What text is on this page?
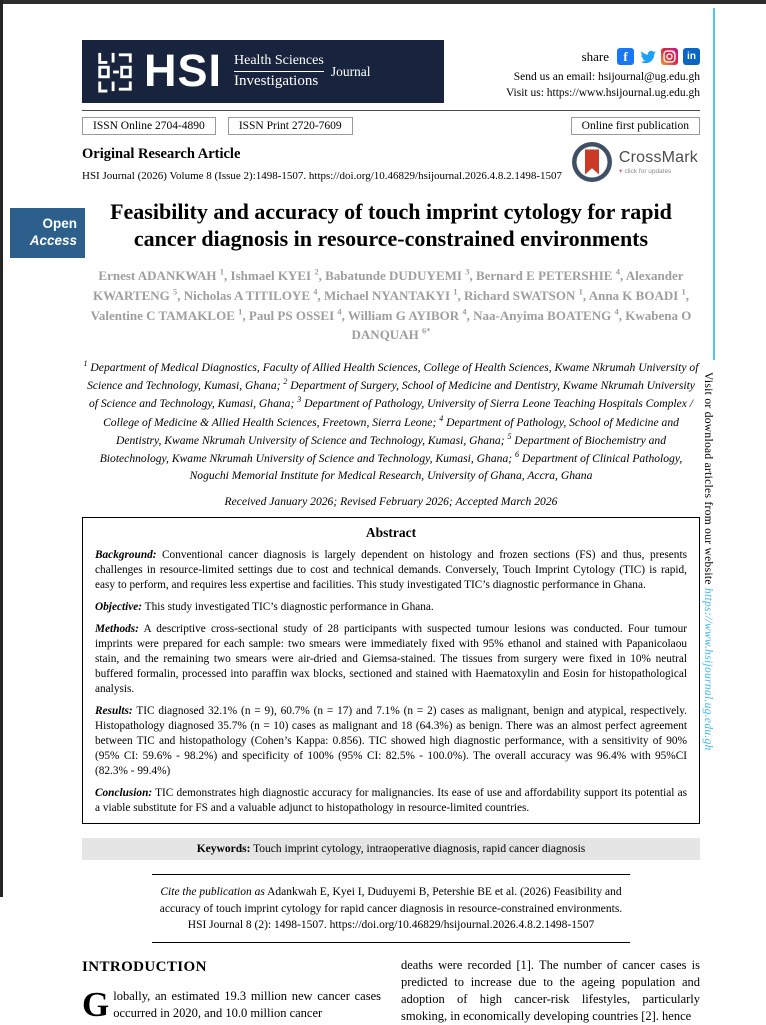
Visit or download articles from our website https://www.hsijournal.ug.edu.gh
HSI Health Sciences
Investigations
Journal
share	f	in
Send us an email: hsijournal@ug.edu.gh
Visit us: https://www.hsijournal.ug.edu.gh
ISSN Online 2704-4890	ISSN Print 2720-7609	Online first publication
Original Research Article
HSI Journal (2026) Volume 8 (Issue 2):1498-1507. https://doi.org/10.46829/hsijournal.2026.4.8.2.1498-1507
CrossMark
+ click for updates
Open
Access
Feasibility and accuracy of touch imprint cytology for rapid cancer diagnosis in resource-constrained environments
Ernest ADANKWAH $^1$, Ishmael KYEI $^2$, Babatunde DUDUYEMI $^3$, Bernard E PETERSHIE $^4$, Alexander KWARTENG $^5$, Nicholas A TITILOYE $^4$, Michael NYANTAKYI $^1$, Richard SWATSON $^1$, Anna K BOADI $^1$, Valentine C TAMAKLOE $^1$, Paul PS OSSEI $^4$, William G AYIBOR $^4$, Naa-Anyima BOATENG $^4$, Kwabena O DANQUAH $^{6*}$
$^1$ Department of Medical Diagnostics, Faculty of Allied Health Sciences, College of Health Sciences, Kwame Nkrumah University of Science and Technology, Kumasi, Ghana; $^2$ Department of Surgery, School of Medicine and Dentistry, Kwame Nkrumah University of Science and Technology, Kumasi, Ghana; $^3$ Department of Pathology, University of Sierra Leone Teaching Hospitals Complex / College of Medicine & Allied Health Sciences, Freetown, Sierra Leone; $^4$ Department of Pathology, School of Medicine and Dentistry, Kwame Nkrumah University of Science and Technology, Kumasi, Ghana; $^5$ Department of Biochemistry and Biotechnology, Kwame Nkrumah University of Science and Technology, Kumasi, Ghana; $^6$ Department of Clinical Pathology, Noguchi Memorial Institute for Medical Research, University of Ghana, Accra, Ghana
Received January 2026; Revised February 2026; Accepted March 2026
Abstract

Background: Conventional cancer diagnosis is largely dependent on histology and frozen sections (FS) and thus, presents challenges in resource-limited settings due to cost and technical demands. Conversely, Touch Imprint Cytology (TIC) is rapid, easy to perform, and requires less expertise and facilities. This study investigated TIC’s diagnostic performance in Ghana.

Objective: This study investigated TIC’s diagnostic performance in Ghana.

Methods: A descriptive cross-sectional study of 28 participants with suspected tumour lesions was conducted. Four tumour imprints were prepared for each sample: two smears were immediately fixed with 95% ethanol and stained with Papanicolaou stain, and the remaining two smears were air-dried and Giemsa-stained. The tissues from surgery were fixed in 10% neutral buffered formalin, processed into paraffin wax blocks, sectioned and stained with Haematoxylin and Eosin for histopathological analysis.

Results: TIC diagnosed 32.1% (n = 9), 60.7% (n = 17) and 7.1% (n = 2) cases as malignant, benign and atypical, respectively. Histopathology diagnosed 35.7% (n = 10) cases as malignant and 18 (64.3%) as benign. There was an almost perfect agreement between TIC and histopathology (Cohen’s Kappa: 0.856). TIC showed high diagnostic performance, with a sensitivity of 90% (95% CI: 59.6% - 98.2%) and specificity of 100% (95% CI: 82.5% - 100.0%). The overall accuracy was 96.4% with 95%CI (82.3% - 99.4%)

Conclusion: TIC demonstrates high diagnostic accuracy for malignancies. Its ease of use and affordability support its potential as a viable substitute for FS and a valuable adjunct to histopathology in resource-limited countries.

Keywords: Touch imprint cytology, intraoperative diagnosis, rapid cancer diagnosis
Cite the publication as Adankwah E, Kyei I, Duduyemi B, Petershie BE et al. (2026) Feasibility and accuracy of touch imprint cytology for rapid cancer diagnosis in resource-constrained environments. HSI Journal 8 (2): 1498-1507. https://doi.org/10.46829/hsijournal.2026.4.8.2.1498-1507
INTRODUCTION

Globally, an estimated 19.3 million new cancer cases occurred in 2020, and 10.0 million cancer

deaths were recorded [1]. The number of cancer cases is predicted to increase due to the ageing population and adoption of high cancer-risk lifestyles, particularly smoking, in economically developing countries [2]. hence
